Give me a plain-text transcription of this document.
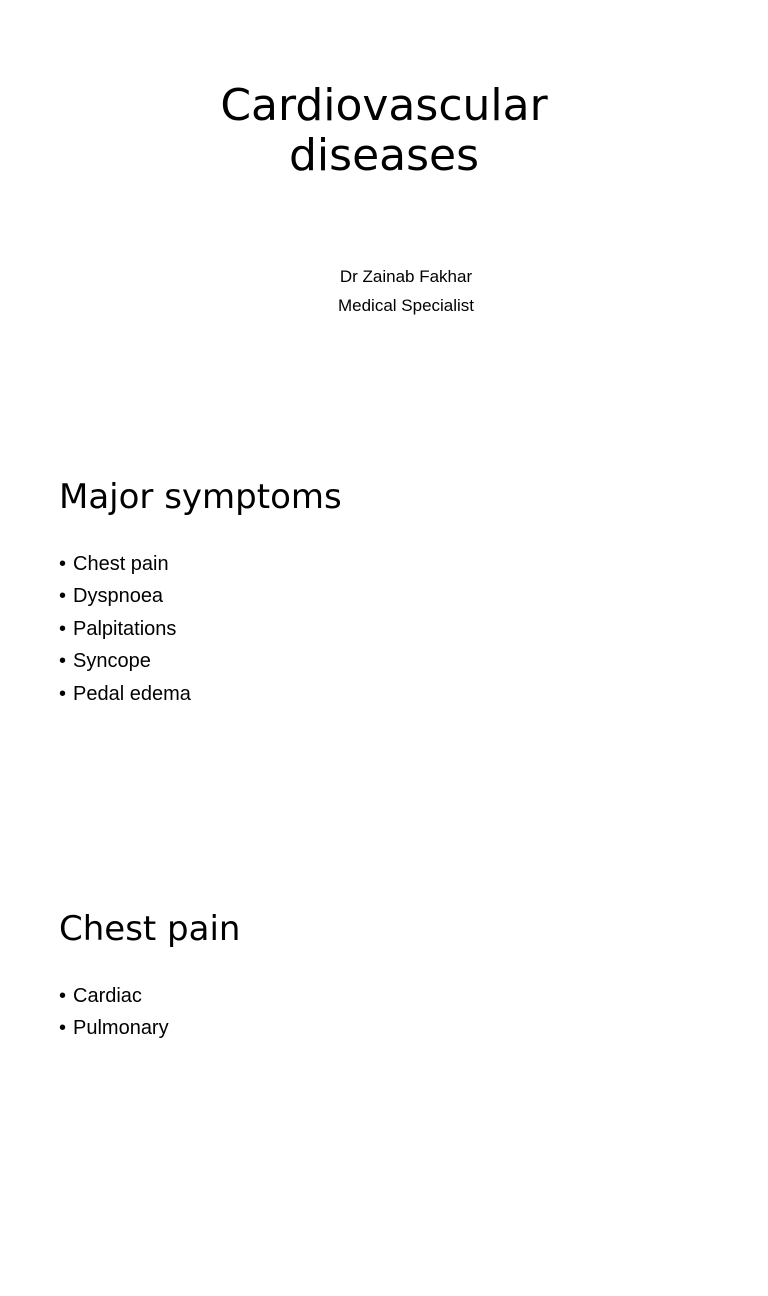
Cardiovascular
diseases
Dr Zainab Fakhar
Medical Specialist
Major symptoms
• Chest pain
• Dyspnoea
• Palpitations
• Syncope
• Pedal edema
Chest pain
• Cardiac
• Pulmonary
